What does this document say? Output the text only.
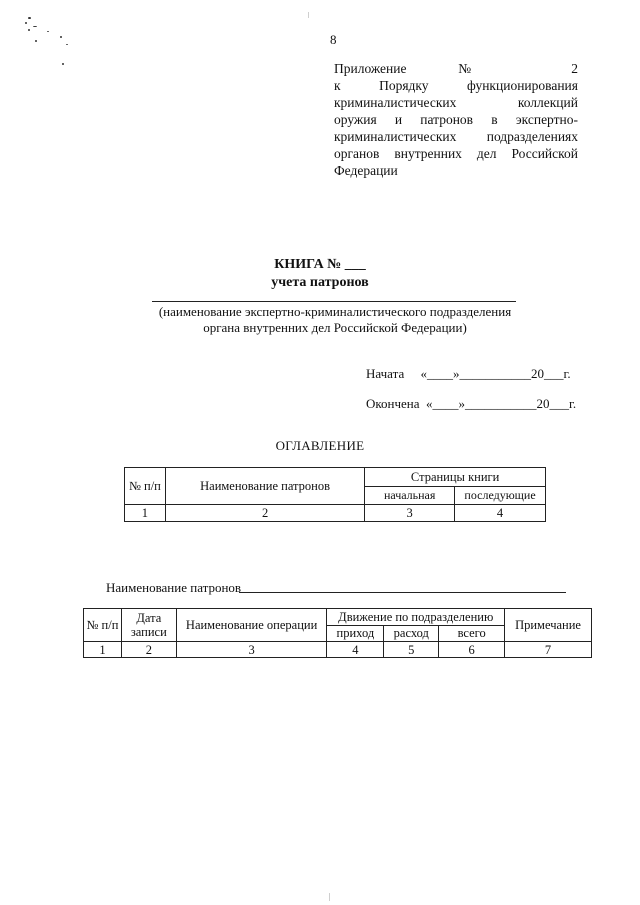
8
Приложение № 2
к Порядку функционирования
криминалистических коллекций
оружия и патронов в экспертно-
криминалистических подразделениях
органов внутренних дел Российской
Федерации
КНИГА № ___
учета патронов
(наименование экспертно-криминалистического подразделения
органа внутренних дел Российской Федерации)
Начата     «____»___________20___г.
Окончена  «____»___________20___г.
ОГЛАВЛЕНИЕ
№ п/п	Наименование патронов	Страницы книги	
		начальная	последующие
1	2	3	4
Наименование патронов
№ п/п	Дата записи	Наименование операции	Движение по подразделению			Примечание
			приход	расход	всего	
1	2	3	4	5	6	7
